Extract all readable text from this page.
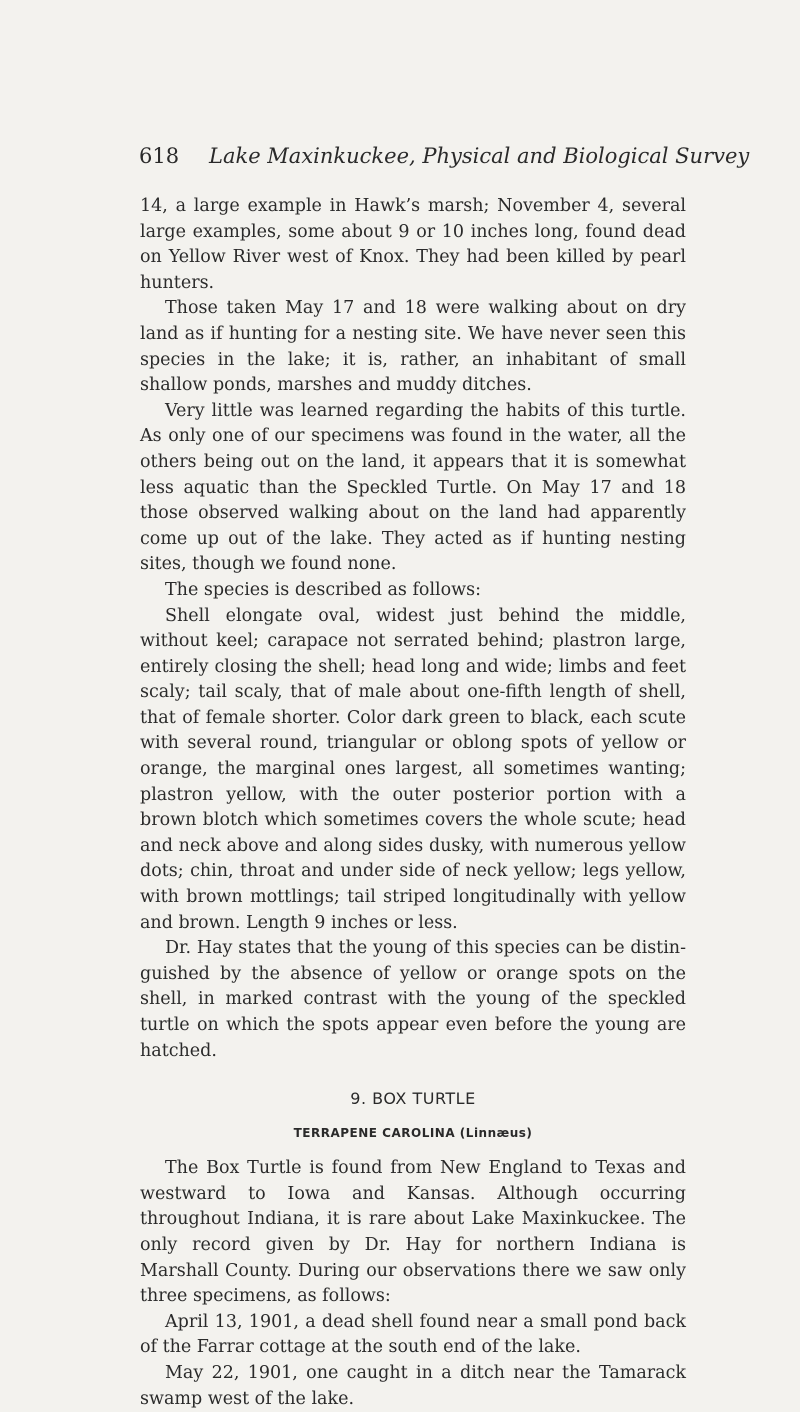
618 Lake Maxinkuckee, Physical and Biological Survey

14, a large example in Hawk’s marsh; November 4, several large examples, some about 9 or 10 inches long, found dead on Yellow River west of Knox. They had been killed by pearl hunters.

Those taken May 17 and 18 were walking about on dry land as if hunting for a nesting site. We have never seen this species in the lake; it is, rather, an inhabitant of small shallow ponds, marshes and muddy ditches.

Very little was learned regarding the habits of this turtle. As only one of our specimens was found in the water, all the others being out on the land, it appears that it is somewhat less aquatic than the Speckled Turtle. On May 17 and 18 those observed walking about on the land had apparently come up out of the lake. They acted as if hunting nesting sites, though we found none.

The species is described as follows:

Shell elongate oval, widest just behind the middle, without keel; carapace not serrated behind; plastron large, entirely closing the shell; head long and wide; limbs and feet scaly; tail scaly, that of male about one-fifth length of shell, that of female shorter. Color dark green to black, each scute with several round, triangular or oblong spots of yellow or orange, the marginal ones largest, all sometimes wanting; plastron yellow, with the outer posterior portion with a brown blotch which sometimes covers the whole scute; head and neck above and along sides dusky, with numerous yellow dots; chin, throat and under side of neck yellow; legs yellow, with brown mottlings; tail striped longitudinally with yellow and brown. Length 9 inches or less.

Dr. Hay states that the young of this species can be distinguished by the absence of yellow or orange spots on the shell, in marked contrast with the young of the speckled turtle on which the spots appear even before the young are hatched.

9. BOX TURTLE
TERRAPENE CAROLINA (Linnæus)

The Box Turtle is found from New England to Texas and westward to Iowa and Kansas. Although occurring throughout Indiana, it is rare about Lake Maxinkuckee. The only record given by Dr. Hay for northern Indiana is Marshall County. During our observations there we saw only three specimens, as follows:

April 13, 1901, a dead shell found near a small pond back of the Farrar cottage at the south end of the lake.

May 22, 1901, one caught in a ditch near the Tamarack swamp west of the lake.
